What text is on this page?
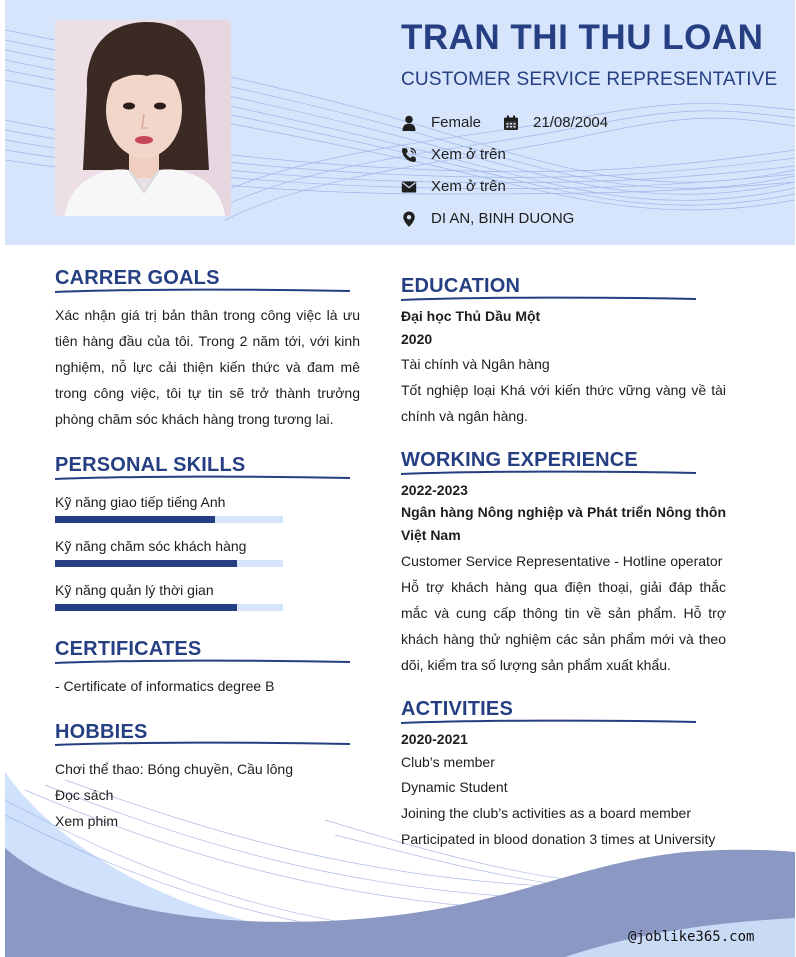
TRAN THI THU LOAN
CUSTOMER SERVICE REPRESENTATIVE
Female	21/08/2004
Xem ở trên
Xem ở trên
DI AN, BINH DUONG
CARRER GOALS
Xác nhận giá trị bản thân trong công việc là ưu tiên hàng đầu của tôi. Trong 2 năm tới, với kinh nghiệm, nỗ lực cải thiện kiến thức và đam mê trong công việc, tôi tự tin sẽ trở thành trưởng phòng chăm sóc khách hàng trong tương lai.
PERSONAL SKILLS
Kỹ năng giao tiếp tiếng Anh
Kỹ năng chăm sóc khách hàng
Kỹ năng quản lý thời gian
CERTIFICATES
- Certificate of informatics degree B
HOBBIES
Chơi thể thao: Bóng chuyền, Cầu lông
Đọc sách
Xem phim
EDUCATION
Đại học Thủ Dầu Một
2020
Tài chính và Ngân hàng
Tốt nghiệp loại Khá với kiến thức vững vàng về tài chính và ngân hàng.
WORKING EXPERIENCE
2022-2023
Ngân hàng Nông nghiệp và Phát triển Nông thôn Việt Nam
Customer Service Representative - Hotline operator
Hỗ trợ khách hàng qua điện thoại, giải đáp thắc mắc và cung cấp thông tin về sản phẩm. Hỗ trợ khách hàng thử nghiệm các sản phẩm mới và theo dõi, kiểm tra số lượng sản phẩm xuất khẩu.
ACTIVITIES
2020-2021
Club’s member
Dynamic Student
Joining the club’s activities as a board member
Participated in blood donation 3 times at University
@joblike365.com
